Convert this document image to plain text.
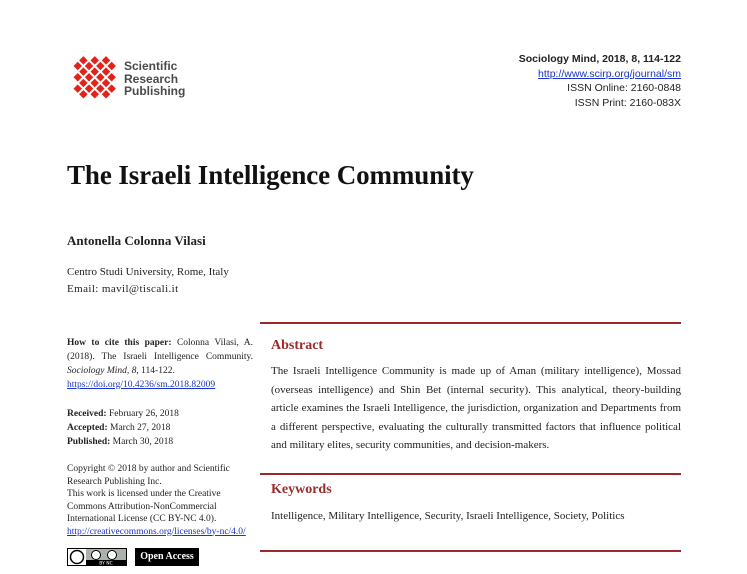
Scientific
Research
Publishing
Sociology Mind, 2018, 8, 114-122
http://www.scirp.org/journal/sm
ISSN Online: 2160-0848
ISSN Print: 2160-083X
The Israeli Intelligence Community
Antonella Colonna Vilasi
Centro Studi University, Rome, Italy
Email: mavil@tiscali.it
How to cite this paper: Colonna Vilasi, A. (2018). The Israeli Intelligence Community. Sociology Mind, 8, 114-122.
https://doi.org/10.4236/sm.2018.82009
Received: February 26, 2018
Accepted: March 27, 2018
Published: March 30, 2018
Copyright © 2018 by author and Scientific Research Publishing Inc.
This work is licensed under the Creative Commons Attribution-NonCommercial International License (CC BY-NC 4.0).
http://creativecommons.org/licenses/by-nc/4.0/
BY NC
Open Access
Abstract

The Israeli Intelligence Community is made up of Aman (military intelligence), Mossad (overseas intelligence) and Shin Bet (internal security). This analytical, theory-building article examines the Israeli Intelligence, the jurisdiction, organization and Departments from a different perspective, evaluating the culturally transmitted factors that influence political and military elites, security communities, and decision-makers.

Keywords
Intelligence, Military Intelligence, Security, Israeli Intelligence, Society, Politics
